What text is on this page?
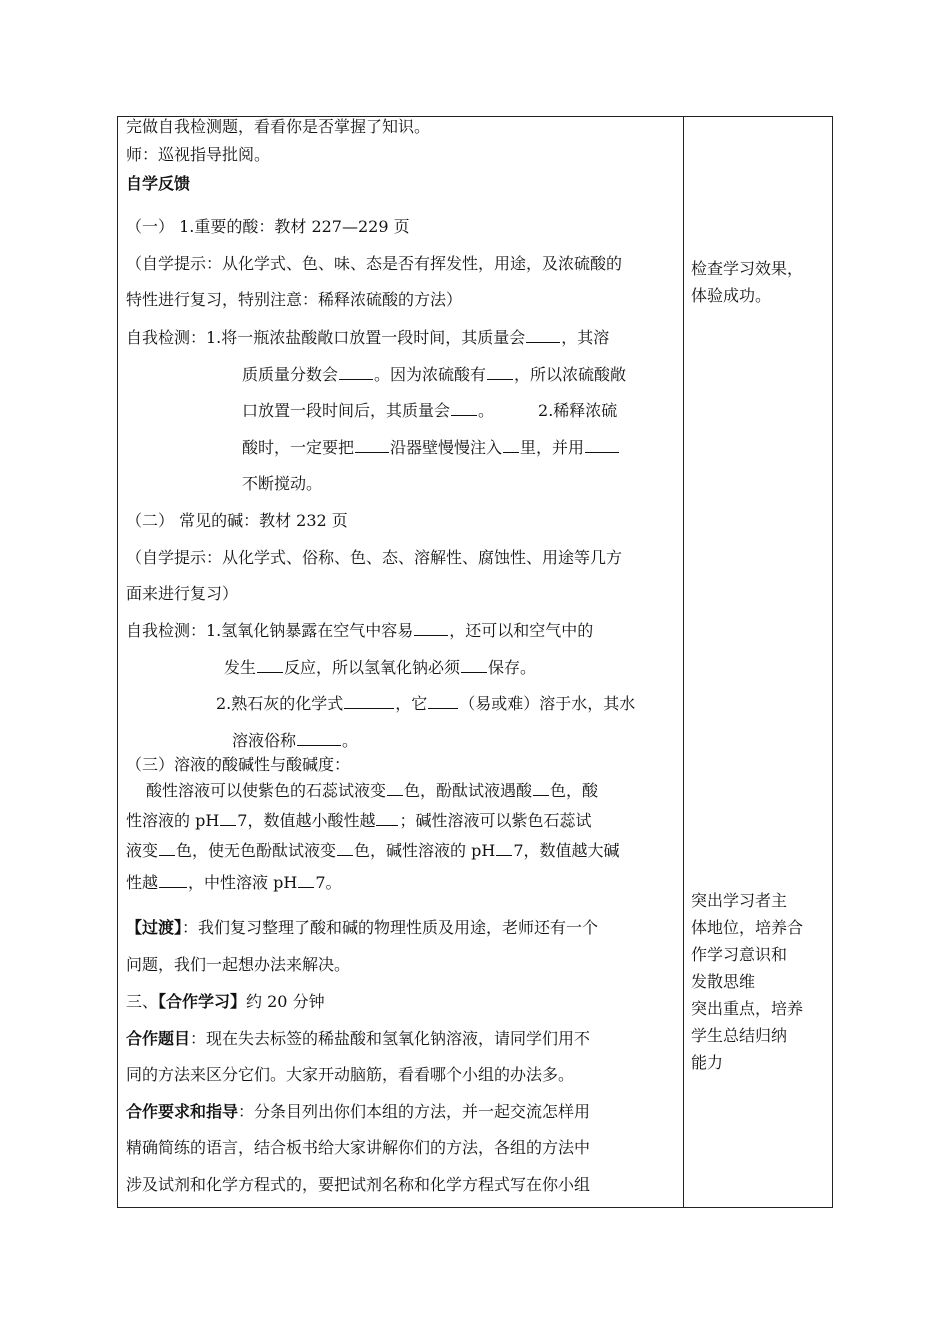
完做自我检测题，看看你是否掌握了知识。
师：巡视指导批阅。
自学反馈
（一） 1.重要的酸：教材 227—229 页
（自学提示：从化学式、色、味、态是否有挥发性，用途，及浓硫酸的
特性进行复习，特别注意：稀释浓硫酸的方法）
自我检测：1.将一瓶浓盐酸敞口放置一段时间，其质量会 ，其溶
质质量分数会 。因为浓硫酸有 ，所以浓硫酸敞
口放置一段时间后，其质量会 。	2.稀释浓硫
酸时，一定要把 沿器壁慢慢注入 里，并用
不断搅动。
（二） 常见的碱：教材 232 页
（自学提示：从化学式、俗称、色、态、溶解性、腐蚀性、用途等几方
面来进行复习）
自我检测：1.氢氧化钠暴露在空气中容易 ，还可以和空气中的
发生 反应，所以氢氧化钠必须 保存。
2.熟石灰的化学式	，它 （易或难）溶于水，其水
溶液俗称	。
（三）溶液的酸碱性与酸碱度：
酸性溶液可以使紫色的石蕊试液变 色，酚酞试液遇酸 色，酸
性溶液的 pH 7，数值越小酸性越 ；碱性溶液可以紫色石蕊试
液变 色，使无色酚酞试液变 色，碱性溶液的 pH 7，数值越大碱
性越 ，中性溶液 pH 7。
【过渡】：我们复习整理了酸和碱的物理性质及用途，老师还有一个
问题，我们一起想办法来解决。
三、【合作学习】约 20 分钟
合作题目：现在失去标签的稀盐酸和氢氧化钠溶液，请同学们用不
同的方法来区分它们。大家开动脑筋，看看哪个小组的办法多。
合作要求和指导：分条目列出你们本组的方法，并一起交流怎样用
精确简练的语言，结合板书给大家讲解你们的方法，各组的方法中
涉及试剂和化学方程式的，要把试剂名称和化学方程式写在你小组
检查学习效果，
体验成功。
突出学习者主
体地位，培养合
作学习意识和
发散思维
突出重点，培养
学生总结归纳
能力
